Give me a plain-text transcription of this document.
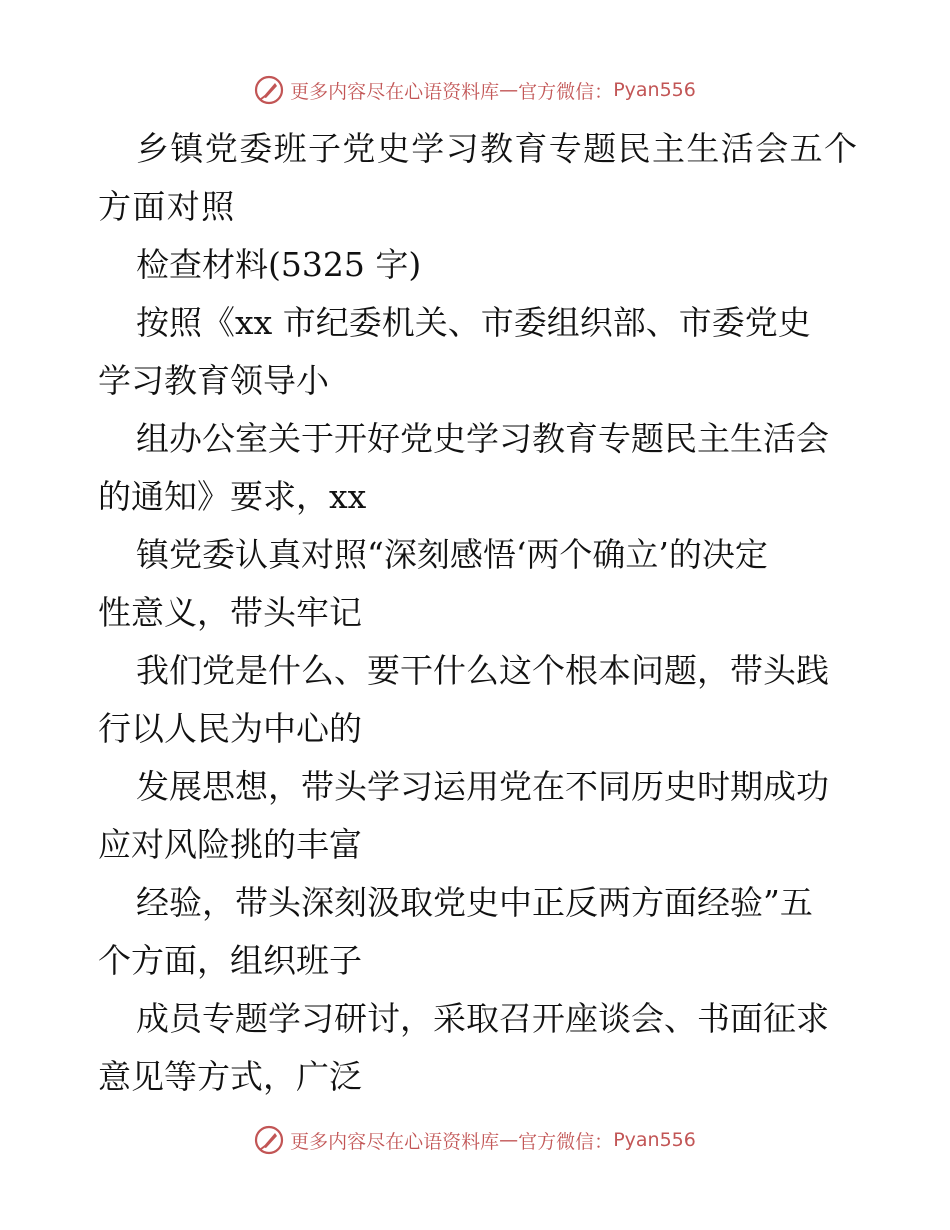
更多内容尽在心语资料库 — 官方微信： Pyan556
乡镇党委班子党史学习教育专题民主生活会五个
方面对照
检查材料(5325 字)
按照《xx 市纪委机关、市委组织部、市委党史
学习教育领导小
组办公室关于开好党史学习教育专题民主生活会
的通知》要求，xx
镇党委认真对照“深刻感悟‘两个确立’的决定
性意义，带头牢记
我们党是什么、要干什么这个根本问题，带头践
行以人民为中心的
发展思想，带头学习运用党在不同历史时期成功
应对风险挑的丰富
经验，带头深刻汲取党史中正反两方面经验”五
个方面，组织班子
成员专题学习研讨，采取召开座谈会、书面征求
意见等方式，广泛
更多内容尽在心语资料库 — 官方微信： Pyan556
